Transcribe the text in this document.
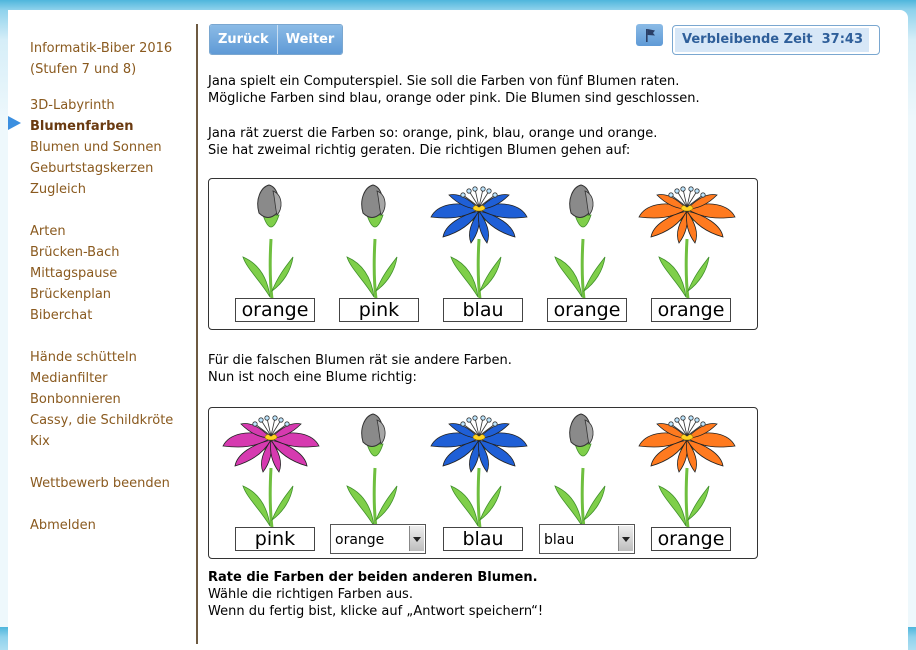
Informatik-Biber 2016
(Stufen 7 und 8)
3D-Labyrinth
Blumenfarben
Blumen und Sonnen
Geburtstagskerzen
Zugleich
Arten
Brücken-Bach
Mittagspause
Brückenplan
Biberchat
Hände schütteln
Medianfilter
Bonbonnieren
Cassy, die Schildkröte
Kix
Wettbewerb beenden
Abmelden
Zurück	Weiter	Verbleibende Zeit 37:43
Jana spielt ein Computerspiel. Sie soll die Farben von fünf Blumen raten.
Mögliche Farben sind blau, orange oder pink. Die Blumen sind geschlossen.
Jana rät zuerst die Farben so: orange, pink, blau, orange und orange.
Sie hat zweimal richtig geraten. Die richtigen Blumen gehen auf:
orange	pink	blau	orange	orange
Für die falschen Blumen rät sie andere Farben.
Nun ist noch eine Blume richtig:
pink	orange	blau	blau	orange
Rate die Farben der beiden anderen Blumen.
Wähle die richtigen Farben aus.
Wenn du fertig bist, klicke auf „Antwort speichern“!
